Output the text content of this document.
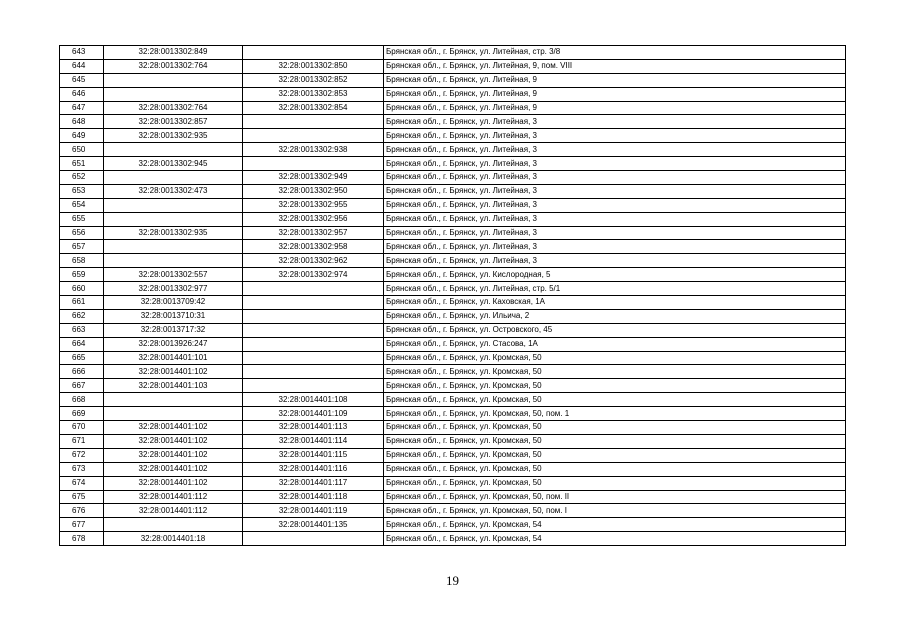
643	32:28:0013302:849		Брянская обл., г. Брянск, ул. Литейная, стр. 3/8
644	32:28:0013302:764	32:28:0013302:850	Брянская обл., г. Брянск, ул. Литейная, 9, пом. VIII
645		32:28:0013302:852	Брянская обл., г. Брянск, ул. Литейная, 9
646		32:28:0013302:853	Брянская обл., г. Брянск, ул. Литейная, 9
647	32:28:0013302:764	32:28:0013302:854	Брянская обл., г. Брянск, ул. Литейная, 9
648	32:28:0013302:857		Брянская обл., г. Брянск, ул. Литейная, 3
649	32:28:0013302:935		Брянская обл., г. Брянск, ул. Литейная, 3
650		32:28:0013302:938	Брянская обл., г. Брянск, ул. Литейная, 3
651	32:28:0013302:945		Брянская обл., г. Брянск, ул. Литейная, 3
652		32:28:0013302:949	Брянская обл., г. Брянск, ул. Литейная, 3
653	32:28:0013302:473	32:28:0013302:950	Брянская обл., г. Брянск, ул. Литейная, 3
654		32:28:0013302:955	Брянская обл., г. Брянск, ул. Литейная, 3
655		32:28:0013302:956	Брянская обл., г. Брянск, ул. Литейная, 3
656	32:28:0013302:935	32:28:0013302:957	Брянская обл., г. Брянск, ул. Литейная, 3
657		32:28:0013302:958	Брянская обл., г. Брянск, ул. Литейная, 3
658		32:28:0013302:962	Брянская обл., г. Брянск, ул. Литейная, 3
659	32:28:0013302:557	32:28:0013302:974	Брянская обл., г. Брянск, ул. Кислородная, 5
660	32:28:0013302:977		Брянская обл., г. Брянск, ул. Литейная, стр. 5/1
661	32:28:0013709:42		Брянская обл., г. Брянск, ул. Каховская, 1А
662	32:28:0013710:31		Брянская обл., г. Брянск, ул. Ильича, 2
663	32:28:0013717:32		Брянская обл., г. Брянск, ул. Островского, 45
664	32:28:0013926:247		Брянская обл., г. Брянск, ул. Стасова, 1А
665	32:28:0014401:101		Брянская обл., г. Брянск, ул. Кромская, 50
666	32:28:0014401:102		Брянская обл., г. Брянск, ул. Кромская, 50
667	32:28:0014401:103		Брянская обл., г. Брянск, ул. Кромская, 50
668		32:28:0014401:108	Брянская обл., г. Брянск, ул. Кромская, 50
669		32:28:0014401:109	Брянская обл., г. Брянск, ул. Кромская, 50, пом. 1
670	32:28:0014401:102	32:28:0014401:113	Брянская обл., г. Брянск, ул. Кромская, 50
671	32:28:0014401:102	32:28:0014401:114	Брянская обл., г. Брянск, ул. Кромская, 50
672	32:28:0014401:102	32:28:0014401:115	Брянская обл., г. Брянск, ул. Кромская, 50
673	32:28:0014401:102	32:28:0014401:116	Брянская обл., г. Брянск, ул. Кромская, 50
674	32:28:0014401:102	32:28:0014401:117	Брянская обл., г. Брянск, ул. Кромская, 50
675	32:28:0014401:112	32:28:0014401:118	Брянская обл., г. Брянск, ул. Кромская, 50, пом. II
676	32:28:0014401:112	32:28:0014401:119	Брянская обл., г. Брянск, ул. Кромская, 50, пом. I
677		32:28:0014401:135	Брянская обл., г. Брянск, ул. Кромская, 54
678	32:28:0014401:18		Брянская обл., г. Брянск, ул. Кромская, 54
19
